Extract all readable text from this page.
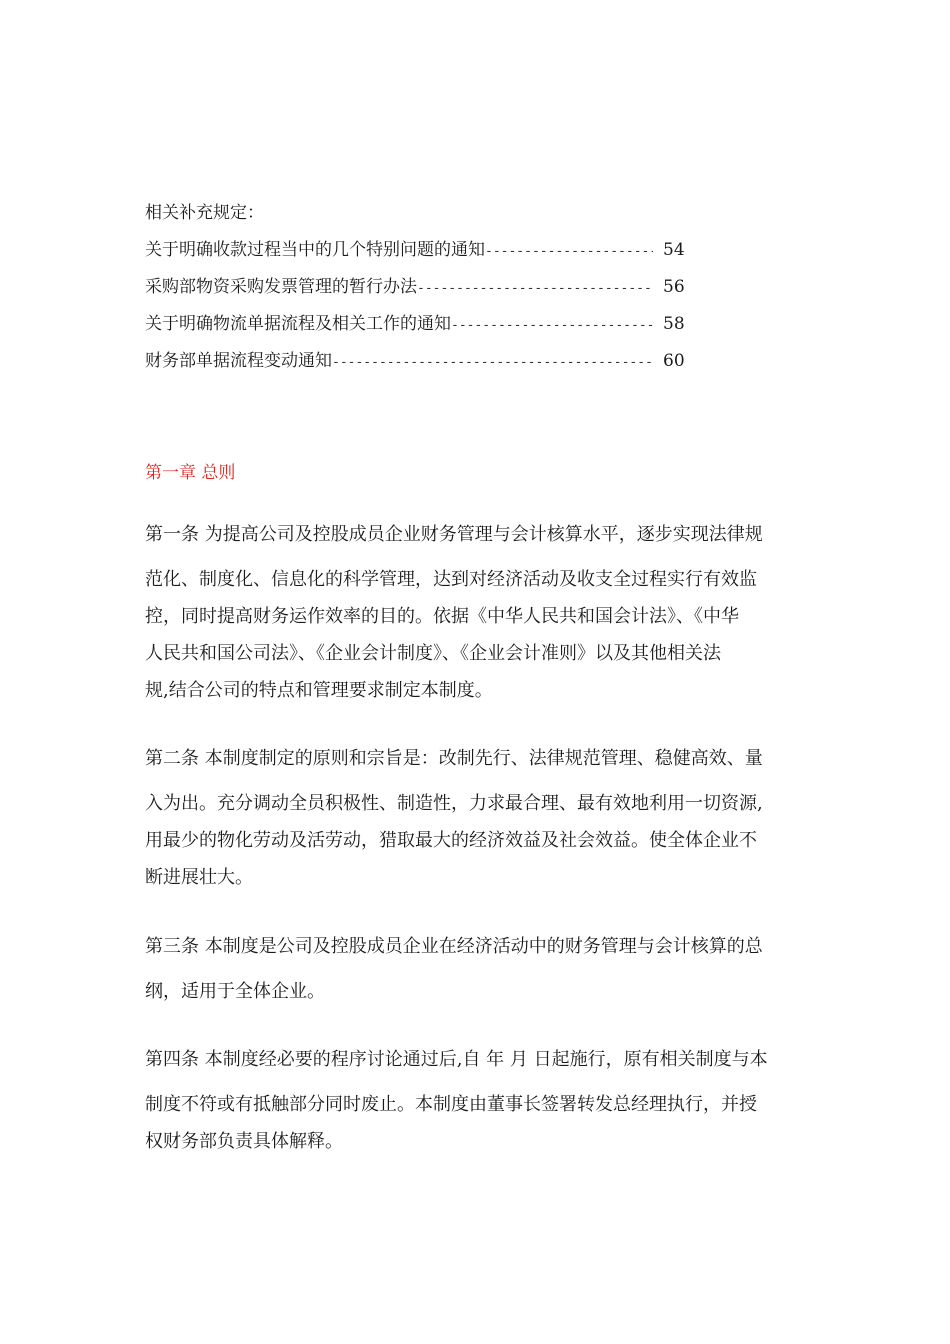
相关补充规定：
关于明确收款过程当中的几个特别问题的通知 -----	54
采购部物资采购发票管理的暂行办法 -----	56
关于明确物流单据流程及相关工作的通知 -----	58
财务部单据流程变动通知 -----	60
第一章 总则
第一条 为提高公司及控股成员企业财务管理与会计核算水平，逐步实现法律规
范化、制度化、信息化的科学管理，达到对经济活动及收支全过程实行有效监
控，同时提高财务运作效率的目的。依据《中华人民共和国会计法》、《中华
人民共和国公司法》、《企业会计制度》、《企业会计准则》以及其他相关法
规,结合公司的特点和管理要求制定本制度。
第二条 本制度制定的原则和宗旨是：改制先行、法律规范管理、稳健高效、量
入为出。充分调动全员积极性、制造性，力求最合理、最有效地利用一切资源,
用最少的物化劳动及活劳动，猎取最大的经济效益及社会效益。使全体企业不
断进展壮大。
第三条 本制度是公司及控股成员企业在经济活动中的财务管理与会计核算的总
纲，适用于全体企业。
第四条 本制度经必要的程序讨论通过后,自 年 月 日起施行，原有相关制度与本
制度不符或有抵触部分同时废止。本制度由董事长签署转发总经理执行，并授
权财务部负责具体解释。
